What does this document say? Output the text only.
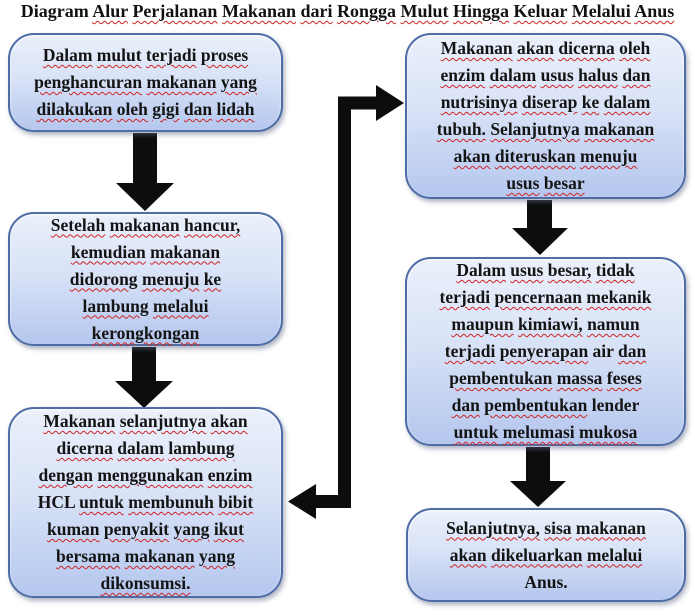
Diagram Alur Perjalanan Makanan dari Rongga Mulut Hingga Keluar Melalui Anus
Dalam mulut terjadi proses
penghancuran makanan yang
dilakukan oleh gigi dan lidah
Setelah makanan hancur,
kemudian makanan
didorong menuju ke
lambung melalui
kerongkongan
Makanan selanjutnya akan
dicerna dalam lambung
dengan menggunakan enzim
HCL untuk membunuh bibit
kuman penyakit yang ikut
bersama makanan yang
dikonsumsi.
Makanan akan dicerna oleh
enzim dalam usus halus dan
nutrisinya diserap ke dalam
tubuh. Selanjutnya makanan
akan diteruskan menuju
usus besar
Dalam usus besar, tidak
terjadi pencernaan mekanik
maupun kimiawi, namun
terjadi penyerapan air dan
pembentukan massa feses
dan pembentukan lender
untuk melumasi mukosa
Selanjutnya, sisa makanan
akan dikeluarkan melalui
Anus.
